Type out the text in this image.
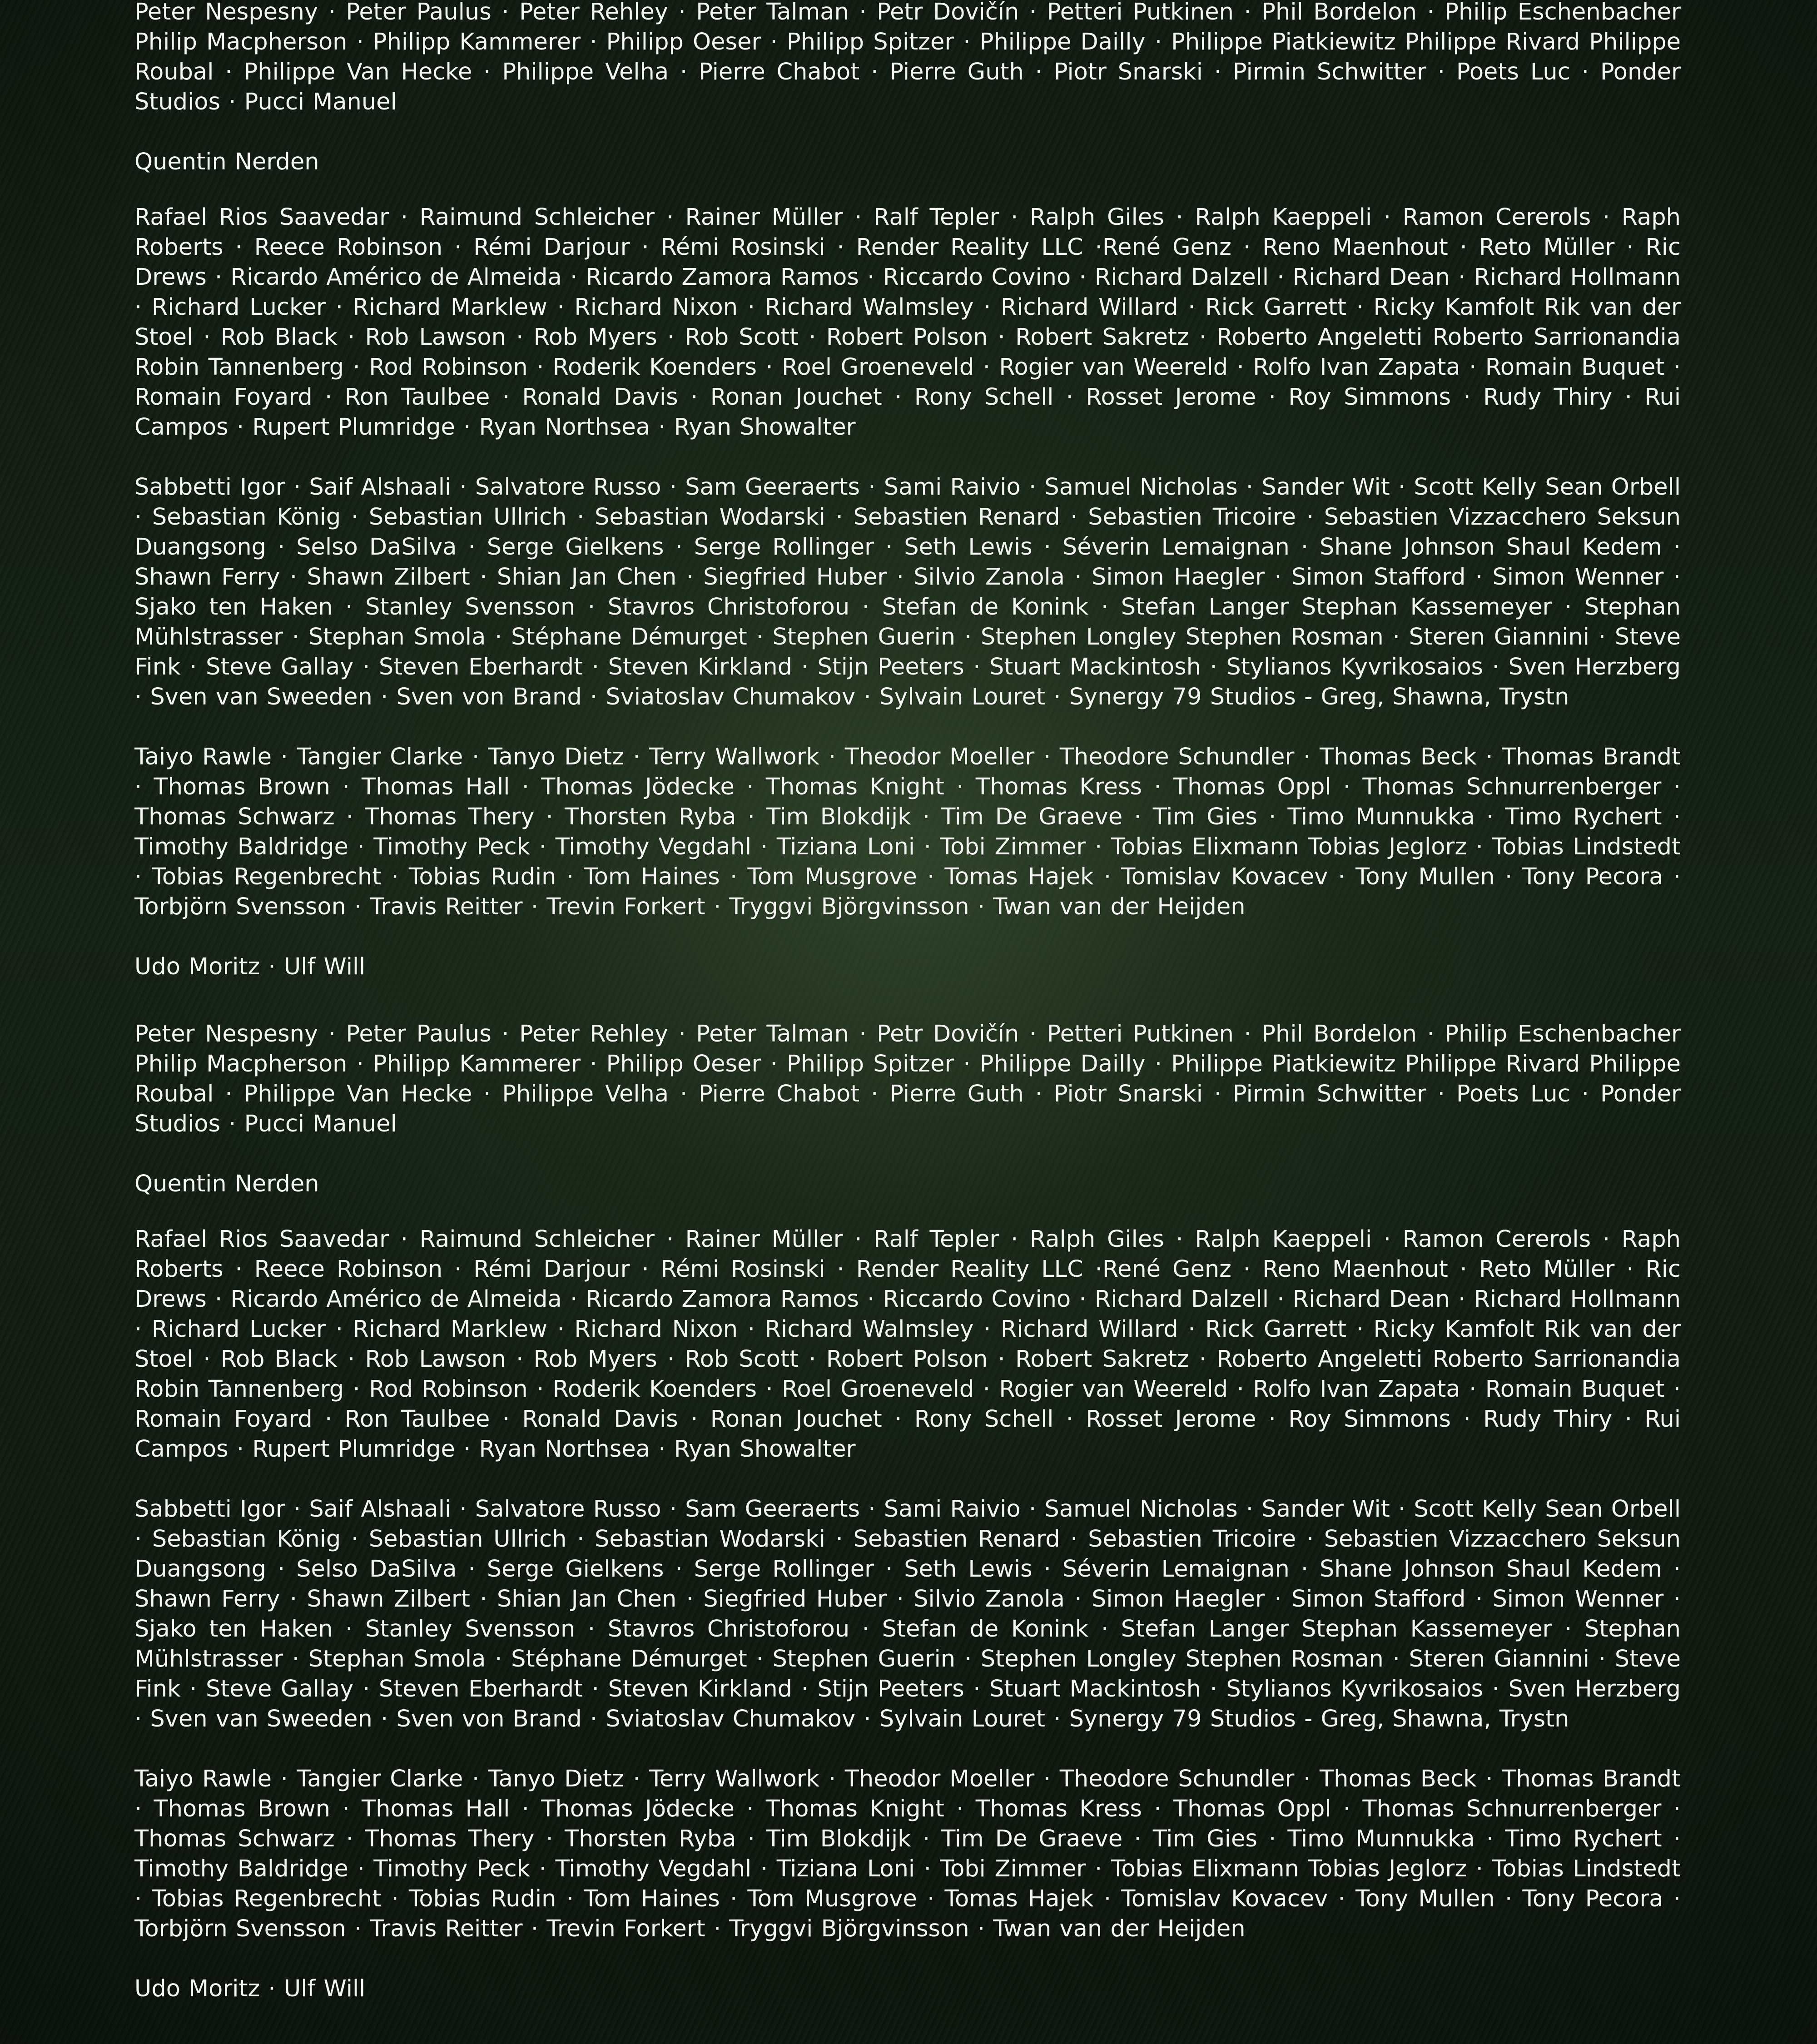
Peter Nespesny · Peter Paulus · Peter Rehley · Peter Talman · Petr Dovičín · Petteri Putkinen · Phil Bordelon · Philip Eschenbacher Philip Macpherson · Philipp Kammerer · Philipp Oeser · Philipp Spitzer · Philippe Dailly · Philippe Piatkiewitz Philippe Rivard Philippe Roubal · Philippe Van Hecke · Philippe Velha · Pierre Chabot · Pierre Guth · Piotr Snarski · Pirmin Schwitter · Poets Luc · Ponder Studios · Pucci Manuel
Quentin Nerden
Rafael Rios Saavedar · Raimund Schleicher · Rainer Müller · Ralf Tepler · Ralph Giles · Ralph Kaeppeli · Ramon Cererols · Raph Roberts · Reece Robinson · Rémi Darjour · Rémi Rosinski · Render Reality LLC ·René Genz · Reno Maenhout · Reto Müller · Ric Drews · Ricardo Américo de Almeida · Ricardo Zamora Ramos · Riccardo Covino · Richard Dalzell · Richard Dean · Richard Hollmann · Richard Lucker · Richard Marklew · Richard Nixon · Richard Walmsley · Richard Willard · Rick Garrett · Ricky Kamfolt Rik van der Stoel · Rob Black · Rob Lawson · Rob Myers · Rob Scott · Robert Polson · Robert Sakretz · Roberto Angeletti Roberto Sarrionandia Robin Tannenberg · Rod Robinson · Roderik Koenders · Roel Groeneveld · Rogier van Weereld · Rolfo Ivan Zapata · Romain Buquet · Romain Foyard · Ron Taulbee · Ronald Davis · Ronan Jouchet · Rony Schell · Rosset Jerome · Roy Simmons · Rudy Thiry · Rui Campos · Rupert Plumridge · Ryan Northsea · Ryan Showalter
Sabbetti Igor · Saif Alshaali · Salvatore Russo · Sam Geeraerts · Sami Raivio · Samuel Nicholas · Sander Wit · Scott Kelly Sean Orbell · Sebastian König · Sebastian Ullrich · Sebastian Wodarski · Sebastien Renard · Sebastien Tricoire · Sebastien Vizzacchero Seksun Duangsong · Selso DaSilva · Serge Gielkens · Serge Rollinger · Seth Lewis · Séverin Lemaignan · Shane Johnson Shaul Kedem · Shawn Ferry · Shawn Zilbert · Shian Jan Chen · Siegfried Huber · Silvio Zanola · Simon Haegler · Simon Stafford · Simon Wenner · Sjako ten Haken · Stanley Svensson · Stavros Christoforou · Stefan de Konink · Stefan Langer Stephan Kassemeyer · Stephan Mühlstrasser · Stephan Smola · Stéphane Démurget · Stephen Guerin · Stephen Longley Stephen Rosman · Steren Giannini · Steve Fink · Steve Gallay · Steven Eberhardt · Steven Kirkland · Stijn Peeters · Stuart Mackintosh · Stylianos Kyvrikosaios · Sven Herzberg · Sven van Sweeden · Sven von Brand · Sviatoslav Chumakov · Sylvain Louret · Synergy 79 Studios - Greg, Shawna, Trystn
Taiyo Rawle · Tangier Clarke · Tanyo Dietz · Terry Wallwork · Theodor Moeller · Theodore Schundler · Thomas Beck · Thomas Brandt · Thomas Brown · Thomas Hall · Thomas Jödecke · Thomas Knight · Thomas Kress · Thomas Oppl · Thomas Schnurrenberger · Thomas Schwarz · Thomas Thery · Thorsten Ryba · Tim Blokdijk · Tim De Graeve · Tim Gies · Timo Munnukka · Timo Rychert · Timothy Baldridge · Timothy Peck · Timothy Vegdahl · Tiziana Loni · Tobi Zimmer · Tobias Elixmann Tobias Jeglorz · Tobias Lindstedt · Tobias Regenbrecht · Tobias Rudin · Tom Haines · Tom Musgrove · Tomas Hajek · Tomislav Kovacev · Tony Mullen · Tony Pecora · Torbjörn Svensson · Travis Reitter · Trevin Forkert · Tryggvi Björgvinsson · Twan van der Heijden
Udo Moritz · Ulf Will
Peter Nespesny · Peter Paulus · Peter Rehley · Peter Talman · Petr Dovičín · Petteri Putkinen · Phil Bordelon · Philip Eschenbacher Philip Macpherson · Philipp Kammerer · Philipp Oeser · Philipp Spitzer · Philippe Dailly · Philippe Piatkiewitz Philippe Rivard Philippe Roubal · Philippe Van Hecke · Philippe Velha · Pierre Chabot · Pierre Guth · Piotr Snarski · Pirmin Schwitter · Poets Luc · Ponder Studios · Pucci Manuel
Quentin Nerden
Rafael Rios Saavedar · Raimund Schleicher · Rainer Müller · Ralf Tepler · Ralph Giles · Ralph Kaeppeli · Ramon Cererols · Raph Roberts · Reece Robinson · Rémi Darjour · Rémi Rosinski · Render Reality LLC ·René Genz · Reno Maenhout · Reto Müller · Ric Drews · Ricardo Américo de Almeida · Ricardo Zamora Ramos · Riccardo Covino · Richard Dalzell · Richard Dean · Richard Hollmann · Richard Lucker · Richard Marklew · Richard Nixon · Richard Walmsley · Richard Willard · Rick Garrett · Ricky Kamfolt Rik van der Stoel · Rob Black · Rob Lawson · Rob Myers · Rob Scott · Robert Polson · Robert Sakretz · Roberto Angeletti Roberto Sarrionandia Robin Tannenberg · Rod Robinson · Roderik Koenders · Roel Groeneveld · Rogier van Weereld · Rolfo Ivan Zapata · Romain Buquet · Romain Foyard · Ron Taulbee · Ronald Davis · Ronan Jouchet · Rony Schell · Rosset Jerome · Roy Simmons · Rudy Thiry · Rui Campos · Rupert Plumridge · Ryan Northsea · Ryan Showalter
Sabbetti Igor · Saif Alshaali · Salvatore Russo · Sam Geeraerts · Sami Raivio · Samuel Nicholas · Sander Wit · Scott Kelly Sean Orbell · Sebastian König · Sebastian Ullrich · Sebastian Wodarski · Sebastien Renard · Sebastien Tricoire · Sebastien Vizzacchero Seksun Duangsong · Selso DaSilva · Serge Gielkens · Serge Rollinger · Seth Lewis · Séverin Lemaignan · Shane Johnson Shaul Kedem · Shawn Ferry · Shawn Zilbert · Shian Jan Chen · Siegfried Huber · Silvio Zanola · Simon Haegler · Simon Stafford · Simon Wenner · Sjako ten Haken · Stanley Svensson · Stavros Christoforou · Stefan de Konink · Stefan Langer Stephan Kassemeyer · Stephan Mühlstrasser · Stephan Smola · Stéphane Démurget · Stephen Guerin · Stephen Longley Stephen Rosman · Steren Giannini · Steve Fink · Steve Gallay · Steven Eberhardt · Steven Kirkland · Stijn Peeters · Stuart Mackintosh · Stylianos Kyvrikosaios · Sven Herzberg · Sven van Sweeden · Sven von Brand · Sviatoslav Chumakov · Sylvain Louret · Synergy 79 Studios - Greg, Shawna, Trystn
Taiyo Rawle · Tangier Clarke · Tanyo Dietz · Terry Wallwork · Theodor Moeller · Theodore Schundler · Thomas Beck · Thomas Brandt · Thomas Brown · Thomas Hall · Thomas Jödecke · Thomas Knight · Thomas Kress · Thomas Oppl · Thomas Schnurrenberger · Thomas Schwarz · Thomas Thery · Thorsten Ryba · Tim Blokdijk · Tim De Graeve · Tim Gies · Timo Munnukka · Timo Rychert · Timothy Baldridge · Timothy Peck · Timothy Vegdahl · Tiziana Loni · Tobi Zimmer · Tobias Elixmann Tobias Jeglorz · Tobias Lindstedt · Tobias Regenbrecht · Tobias Rudin · Tom Haines · Tom Musgrove · Tomas Hajek · Tomislav Kovacev · Tony Mullen · Tony Pecora · Torbjörn Svensson · Travis Reitter · Trevin Forkert · Tryggvi Björgvinsson · Twan van der Heijden
Udo Moritz · Ulf Will
